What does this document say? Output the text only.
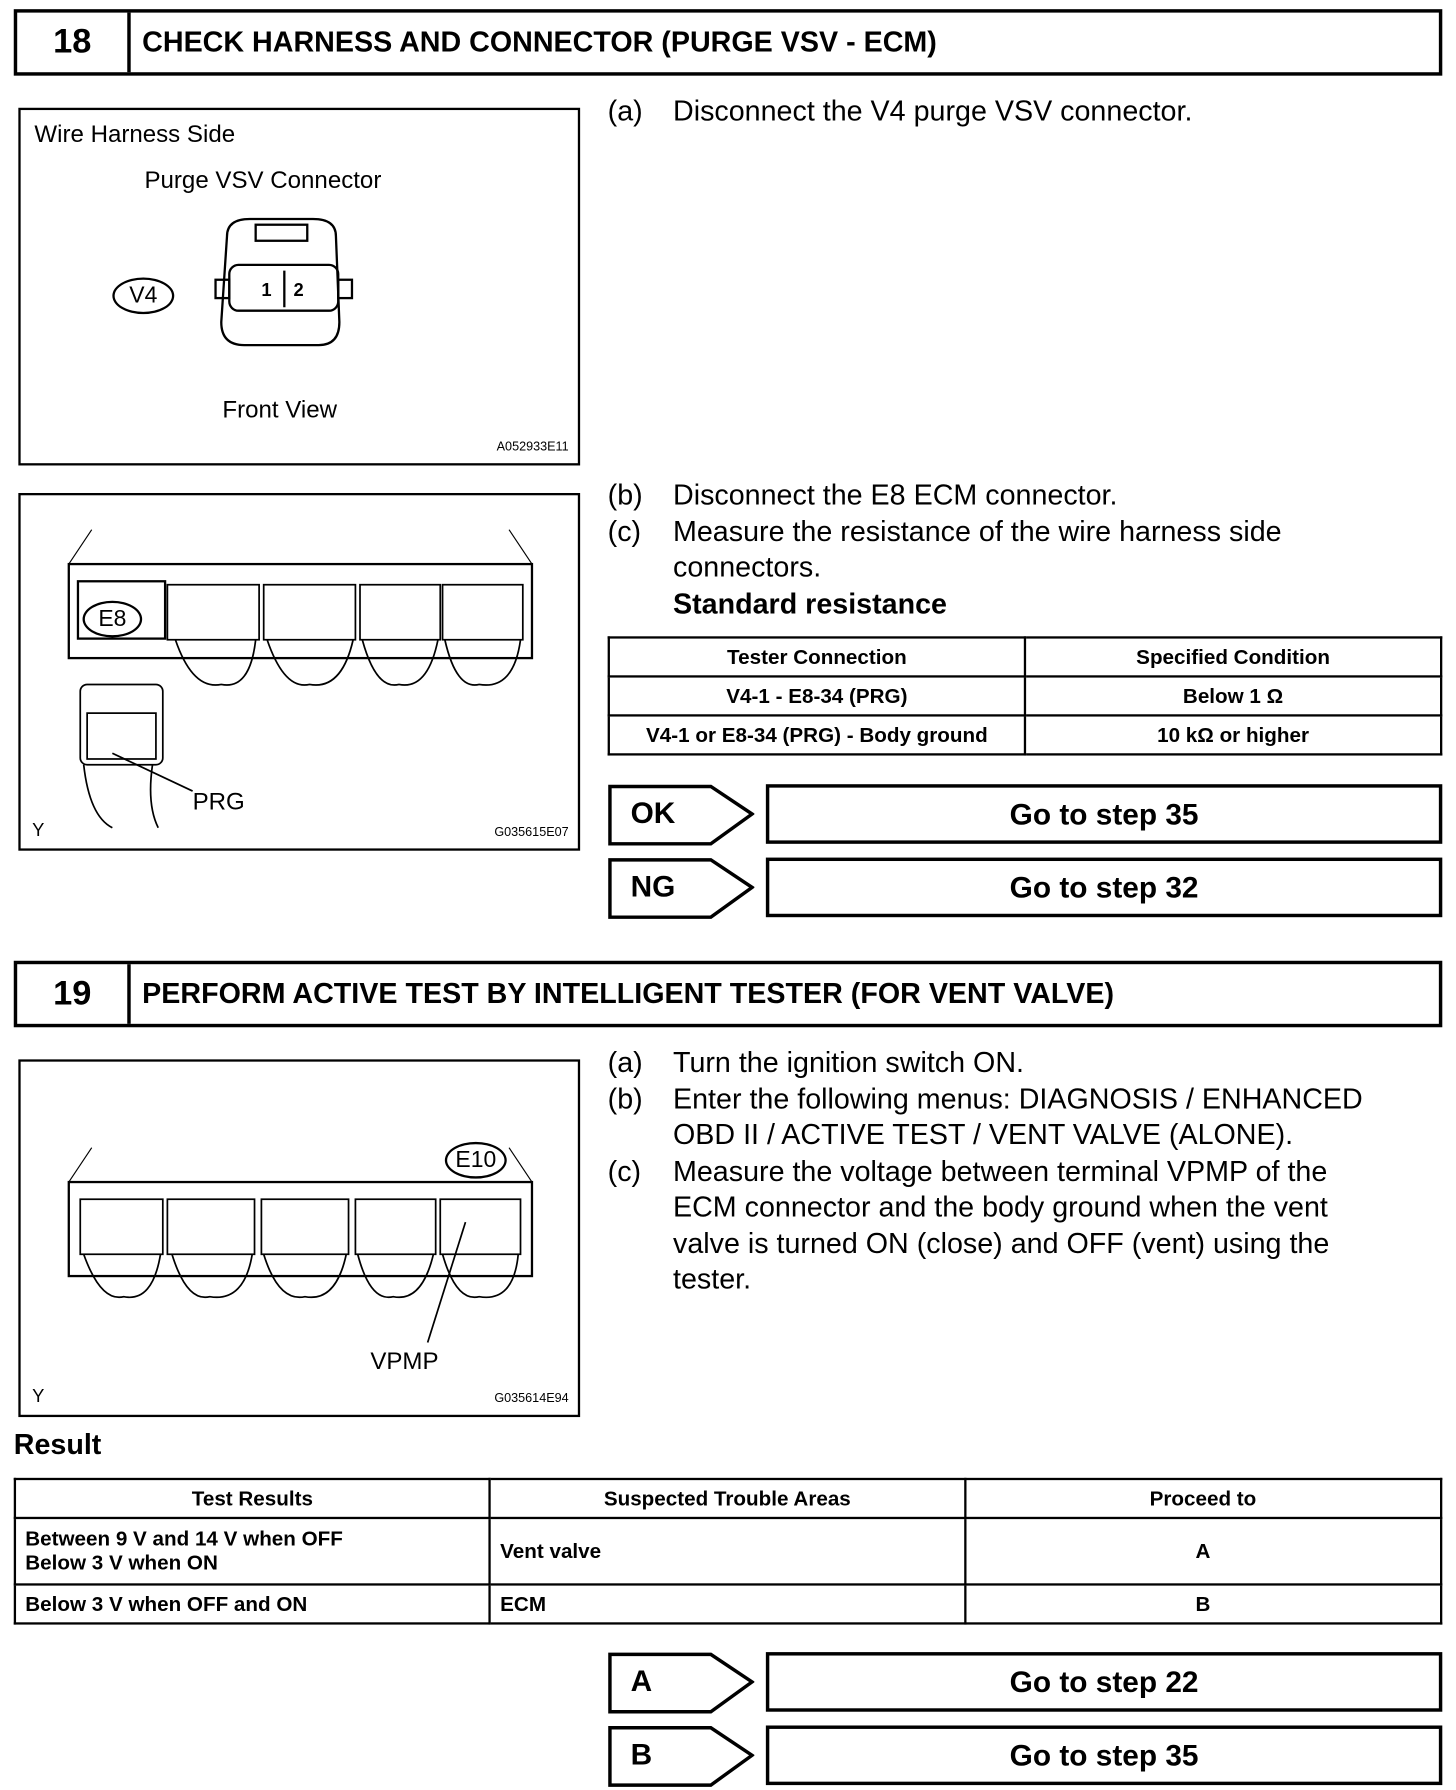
18	CHECK HARNESS AND CONNECTOR (PURGE VSV - ECM)
Wire Harness Side
Purge VSV Connector
V4	1 2
Front View
A052933E11
E8
PRG
Y	G035615E07
(a)	Disconnect the V4 purge VSV connector.
(b)	Disconnect the E8 ECM connector.
(c)	Measure the resistance of the wire harness side connectors.
Standard resistance
Tester Connection	Specified Condition
V4-1 - E8-34 (PRG)	Below 1 Ω
V4-1 or E8-34 (PRG) - Body ground	10 kΩ or higher
OK	Go to step 35
NG	Go to step 32
19	PERFORM ACTIVE TEST BY INTELLIGENT TESTER (FOR VENT VALVE)
E10
VPMP
Y	G035614E94
(a)	Turn the ignition switch ON.
(b)	Enter the following menus: DIAGNOSIS / ENHANCED OBD II / ACTIVE TEST / VENT VALVE (ALONE).
(c)	Measure the voltage between terminal VPMP of the ECM connector and the body ground when the vent valve is turned ON (close) and OFF (vent) using the tester.
Result
Test Results	Suspected Trouble Areas	Proceed to

Between 9 V and 14 V when OFF
Below 3 V when ON	Vent valve	A
Below 3 V when OFF and ON	ECM	B
A	Go to step 22
B	Go to step 35
